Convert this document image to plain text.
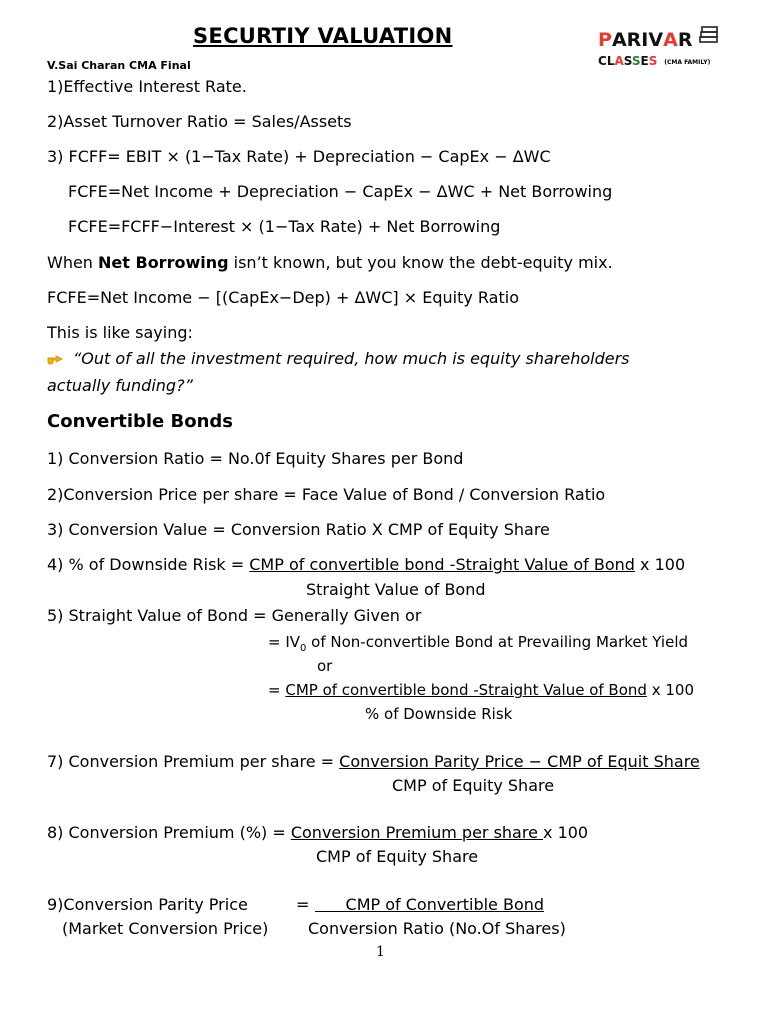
SECURTIY VALUATION
V.Sai Charan CMA Final
PARIVAR
CLASSES (CMA FAMILY)
1)Effective Interest Rate.
2)Asset Turnover Ratio = Sales/Assets
3) FCFF= EBIT × (1−Tax Rate) + Depreciation − CapEx − ΔWC
FCFE=Net Income + Depreciation − CapEx − ΔWC + Net Borrowing
FCFE=FCFF−Interest × (1−Tax Rate) + Net Borrowing
When Net Borrowing isn’t known, but you know the debt-equity mix.
FCFE=Net Income − [(CapEx−Dep) + ΔWC] × Equity Ratio
This is like saying:
“Out of all the investment required, how much is equity shareholders
actually funding?”
Convertible Bonds
1) Conversion Ratio = No.0f Equity Shares per Bond
2)Conversion Price per share = Face Value of Bond / Conversion Ratio
3) Conversion Value = Conversion Ratio X CMP of Equity Share
4) % of Downside Risk = CMP of convertible bond -Straight Value of Bond x 100
Straight Value of Bond
5) Straight Value of Bond = Generally Given or
= $IV_0$ of Non-convertible Bond at Prevailing Market Yield
or
= CMP of convertible bond -Straight Value of Bond x 100
% of Downside Risk
7) Conversion Premium per share = Conversion Parity Price − CMP of Equit Share
CMP of Equity Share
8) Conversion Premium (%) = Conversion Premium per share x 100
CMP of Equity Share
9)Conversion Parity Price	= CMP of Convertible Bond
(Market Conversion Price) Conversion Ratio (No.Of Shares)
1
